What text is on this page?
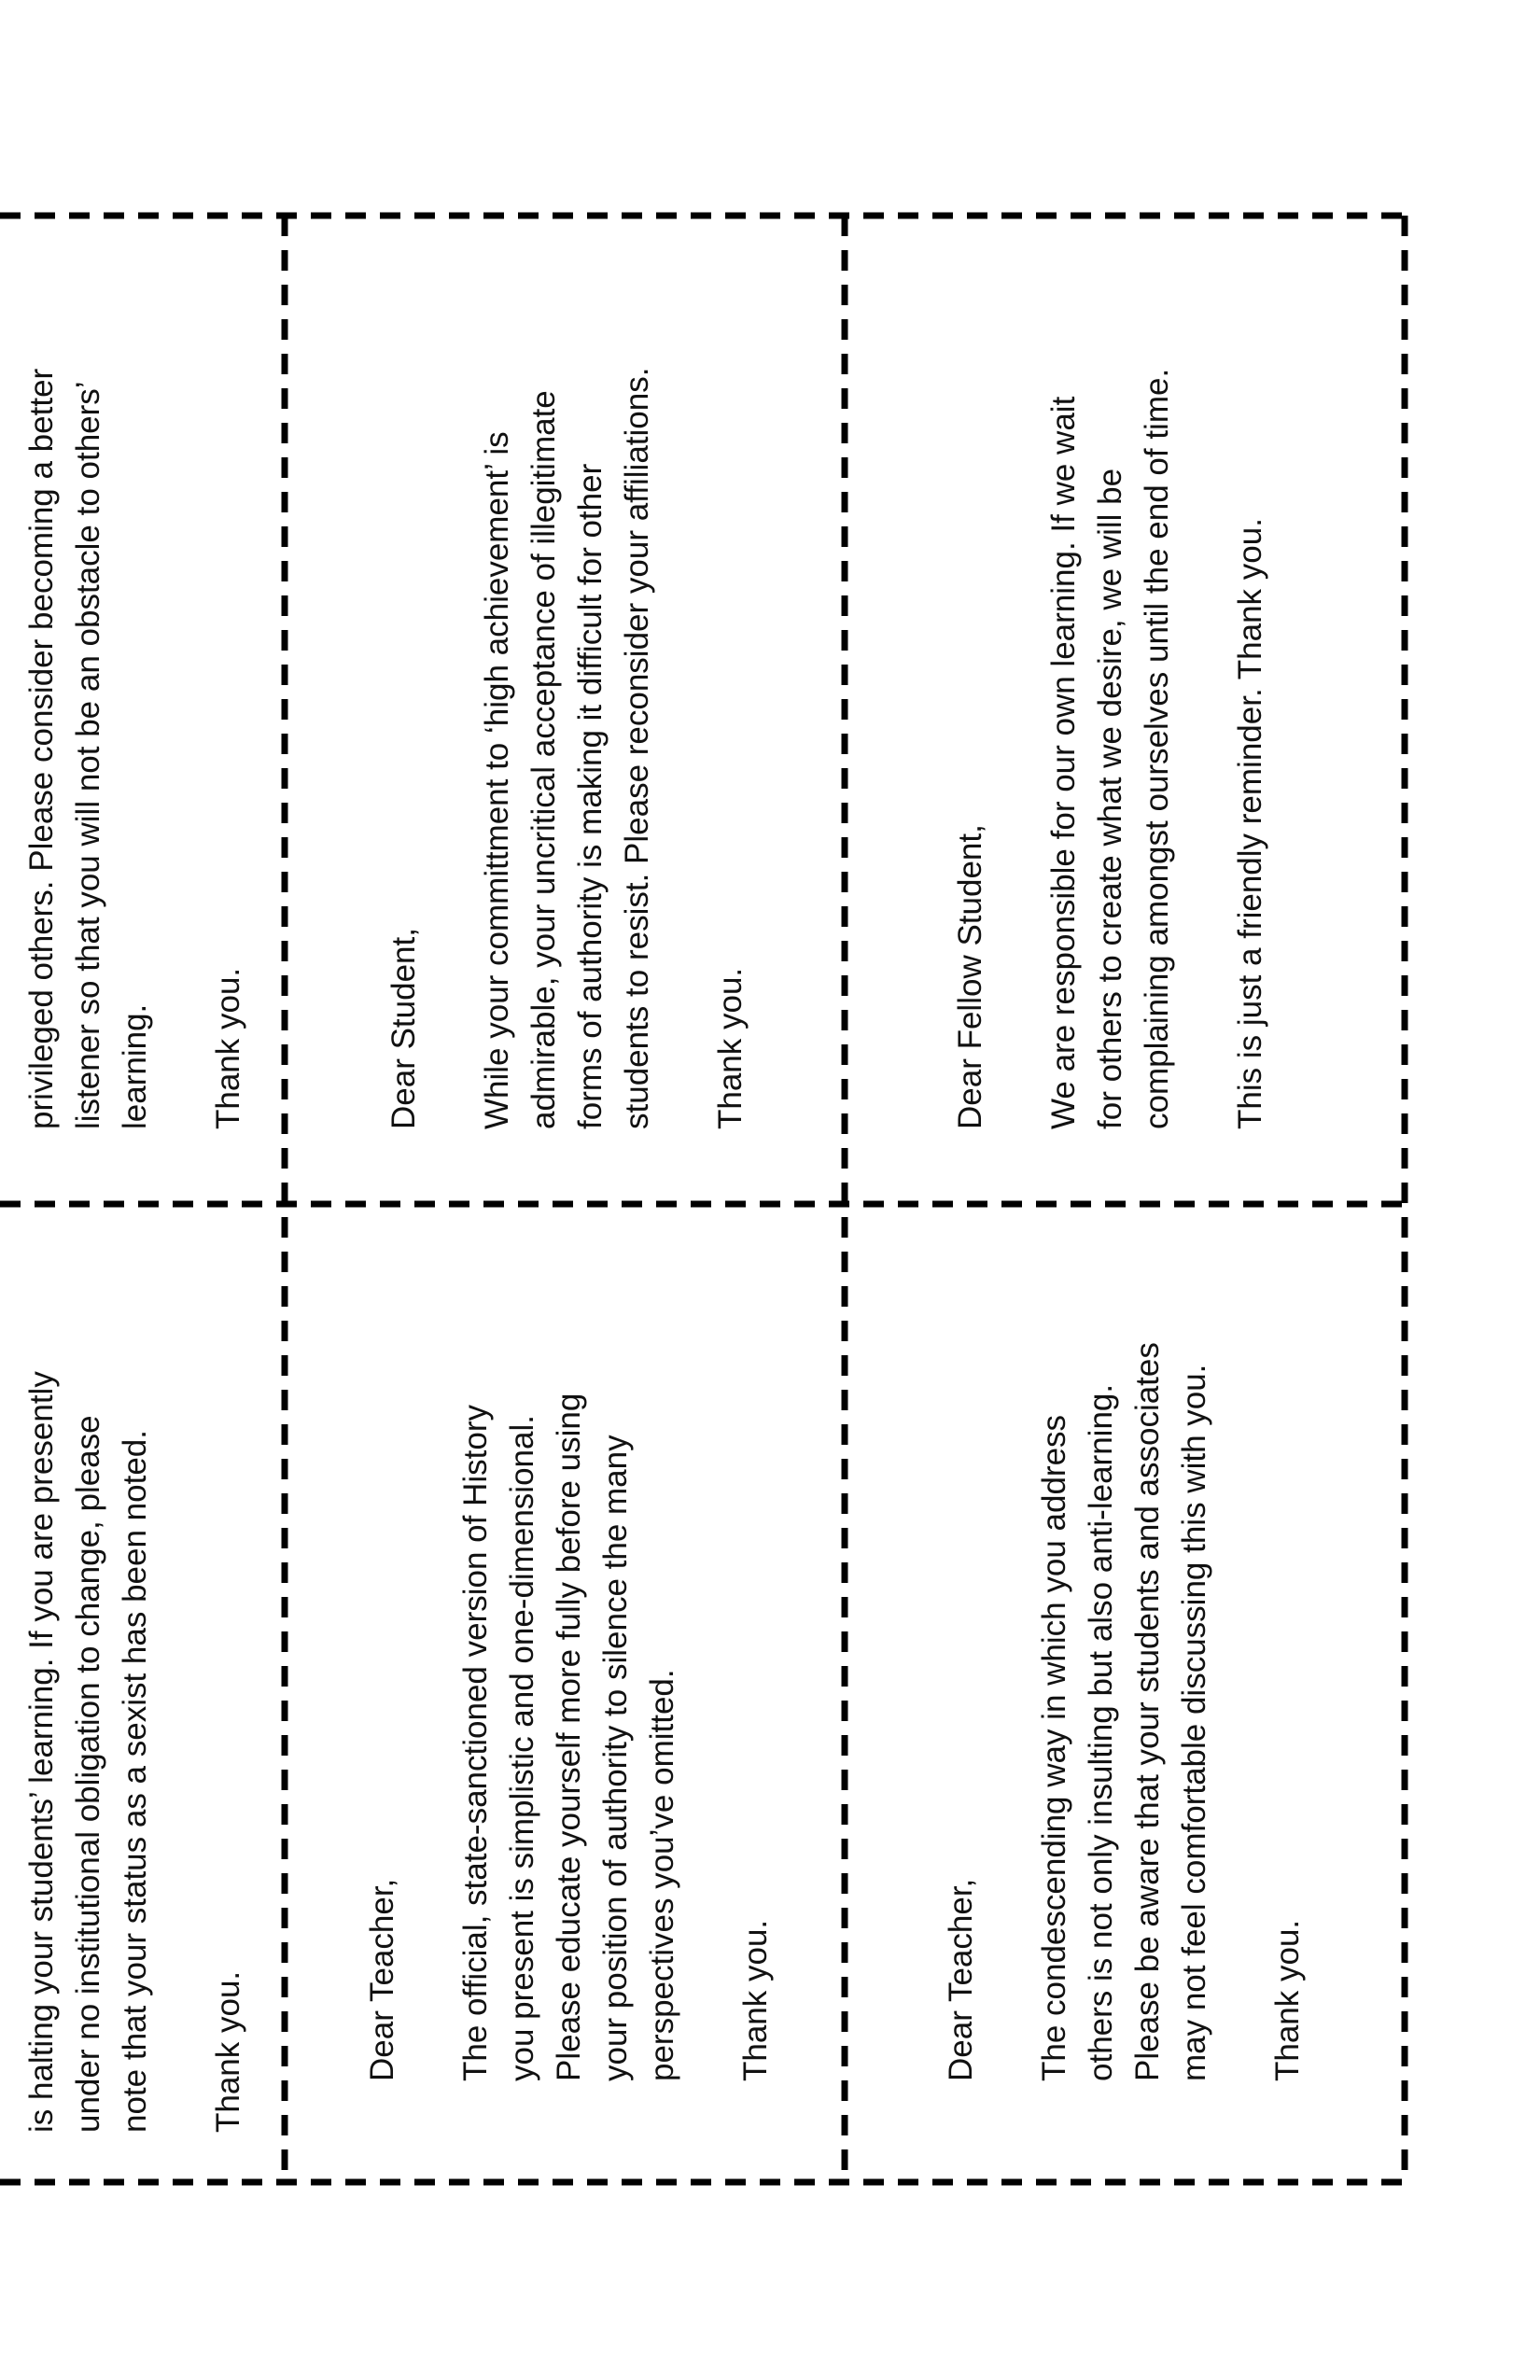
is halting your students’ learning. If you are presently under no institutional obligation to change, please note that your status as a sexist has been noted. Thank you.

privileged others. Please consider becoming a better listener so that you will not be an obstacle to others’ learning. Thank you.

Dear Teacher, The official, state-sanctioned version of History you present is simplistic and one-dimensional. Please educate yourself more fully before using your position of authority to silence the many perspectives you’ve omitted. Thank you.

Dear Student, While your committment to ‘high achievement’ is admirable, your uncritical acceptance of illegitimate forms of authority is making it difficult for other students to resist. Please reconsider your affiliations. Thank you.

Dear Teacher, The condescending way in which you address others is not only insulting but also anti-learning. Please be aware that your students and associates may not feel comfortable discussing this with you. Thank you.

Dear Fellow Student, We are responsible for our own learning. If we wait for others to create what we desire, we will be complaining amongst ourselves until the end of time. This is just a friendly reminder. Thank you.
